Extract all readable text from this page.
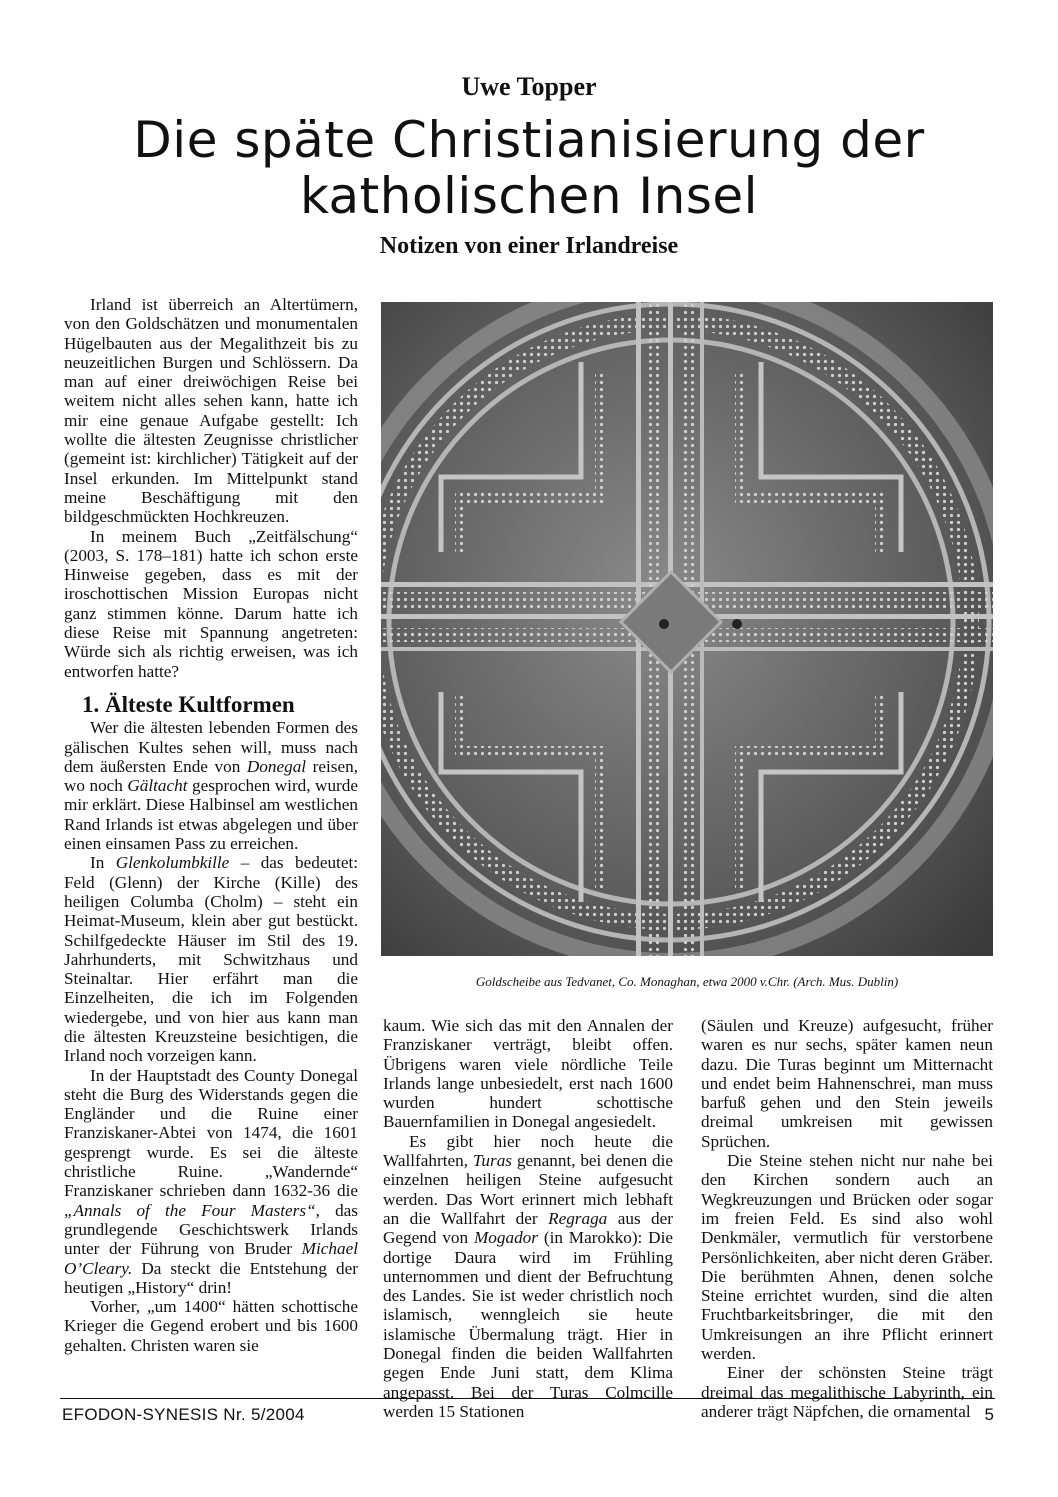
Uwe Topper
Die späte Christianisierung der katholischen Insel
Notizen von einer Irlandreise

Irland ist überreich an Altertümern, von den Goldschätzen und monumentalen Hügelbauten aus der Megalithzeit bis zu neuzeitlichen Burgen und Schlössern. Da man auf einer dreiwöchigen Reise bei weitem nicht alles sehen kann, hatte ich mir eine genaue Aufgabe gestellt: Ich wollte die ältesten Zeugnisse christlicher (gemeint ist: kirchlicher) Tätigkeit auf der Insel erkunden. Im Mittelpunkt stand meine Beschäftigung mit den bildgeschmückten Hochkreuzen.

In meinem Buch „Zeitfälschung“ (2003, S. 178–181) hatte ich schon erste Hinweise gegeben, dass es mit der iroschottischen Mission Europas nicht ganz stimmen könne. Darum hatte ich diese Reise mit Spannung angetreten: Würde sich als richtig erweisen, was ich entworfen hatte?

1. Älteste Kultformen

Wer die ältesten lebenden Formen des gälischen Kultes sehen will, muss nach dem äußersten Ende von Donegal reisen, wo noch Gältacht gesprochen wird, wurde mir erklärt. Diese Halbinsel am westlichen Rand Irlands ist etwas abgelegen und über einen einsamen Pass zu erreichen.

In Glenkolumbkille – das bedeutet: Feld (Glenn) der Kirche (Kille) des heiligen Columba (Cholm) – steht ein Heimat-Museum, klein aber gut bestückt. Schilfgedeckte Häuser im Stil des 19. Jahrhunderts, mit Schwitzhaus und Steinaltar. Hier erfährt man die Einzelheiten, die ich im Folgenden wiedergebe, und von hier aus kann man die ältesten Kreuzsteine besichtigen, die Irland noch vorzeigen kann.

In der Hauptstadt des County Donegal steht die Burg des Widerstands gegen die Engländer und die Ruine einer Franziskaner-Abtei von 1474, die 1601 gesprengt wurde. Es sei die älteste christliche Ruine. „Wandernde“ Franziskaner schrieben dann 1632-36 die „Annals of the Four Masters“, das grundlegende Geschichtswerk Irlands unter der Führung von Bruder Michael O’Cleary. Da steckt die Entstehung der heutigen „History“ drin!

Vorher, „um 1400“ hätten schottische Krieger die Gegend erobert und bis 1600 gehalten. Christen waren sie

Goldscheibe aus Tedvanet, Co. Monaghan, etwa 2000 v.Chr. (Arch. Mus. Dublin)

kaum. Wie sich das mit den Annalen der Franziskaner verträgt, bleibt offen. Übrigens waren viele nördliche Teile Irlands lange unbesiedelt, erst nach 1600 wurden hundert schottische Bauernfamilien in Donegal angesiedelt.

Es gibt hier noch heute die Wallfahrten, Turas genannt, bei denen die einzelnen heiligen Steine aufgesucht werden. Das Wort erinnert mich lebhaft an die Wallfahrt der Regraga aus der Gegend von Mogador (in Marokko): Die dortige Daura wird im Frühling unternommen und dient der Befruchtung des Landes. Sie ist weder christlich noch islamisch, wenngleich sie heute islamische Übermalung trägt. Hier in Donegal finden die beiden Wallfahrten gegen Ende Juni statt, dem Klima angepasst. Bei der Turas Colmcille werden 15 Stationen

(Säulen und Kreuze) aufgesucht, früher waren es nur sechs, später kamen neun dazu. Die Turas beginnt um Mitternacht und endet beim Hahnenschrei, man muss barfuß gehen und den Stein jeweils dreimal umkreisen mit gewissen Sprüchen.

Die Steine stehen nicht nur nahe bei den Kirchen sondern auch an Wegkreuzungen und Brücken oder sogar im freien Feld. Es sind also wohl Denkmäler, vermutlich für verstorbene Persönlichkeiten, aber nicht deren Gräber. Die berühmten Ahnen, denen solche Steine errichtet wurden, sind die alten Fruchtbarkeitsbringer, die mit den Umkreisungen an ihre Pflicht erinnert werden.

Einer der schönsten Steine trägt dreimal das megalithische Labyrinth, ein anderer trägt Näpfchen, die ornamental

EFODON-SYNESIS Nr. 5/2004	5
